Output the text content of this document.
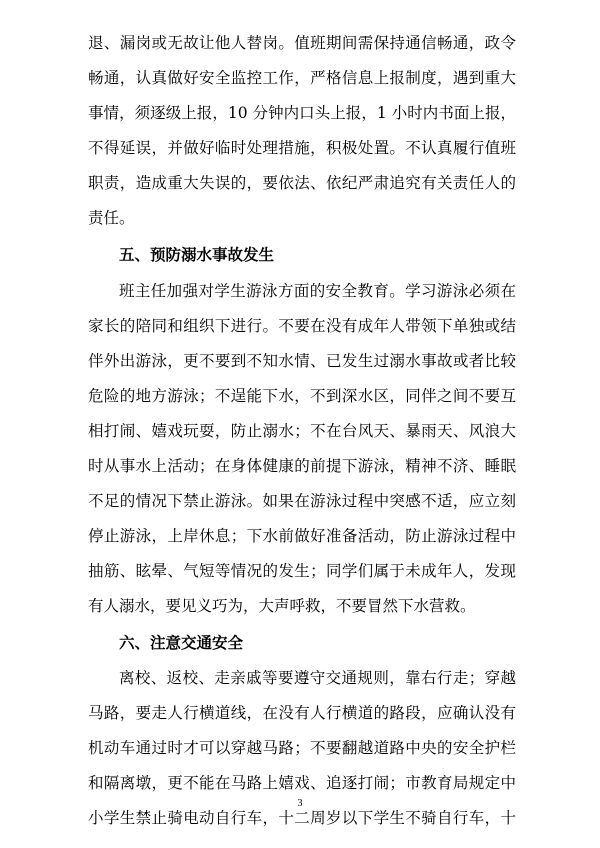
退、漏岗或无故让他人替岗。值班期间需保持通信畅通，政令
畅通，认真做好安全监控工作，严格信息上报制度，遇到重大
事情，须逐级上报，10 分钟内口头上报，1 小时内书面上报，
不得延误，并做好临时处理措施，积极处置。不认真履行值班
职责，造成重大失误的，要依法、依纪严肃追究有关责任人的
责任。
五、预防溺水事故发生
班主任加强对学生游泳方面的安全教育。学习游泳必须在
家长的陪同和组织下进行。不要在没有成年人带领下单独或结
伴外出游泳，更不要到不知水情、已发生过溺水事故或者比较
危险的地方游泳；不逞能下水，不到深水区，同伴之间不要互
相打闹、嬉戏玩耍，防止溺水；不在台风天、暴雨天、风浪大
时从事水上活动；在身体健康的前提下游泳，精神不济、睡眠
不足的情况下禁止游泳。如果在游泳过程中突感不适，应立刻
停止游泳，上岸休息；下水前做好准备活动，防止游泳过程中
抽筋、眩晕、气短等情况的发生；同学们属于未成年人，发现
有人溺水，要见义巧为，大声呼救，不要冒然下水营救。
六、注意交通安全
离校、返校、走亲戚等要遵守交通规则，靠右行走；穿越
马路，要走人行横道线，在没有人行横道的路段，应确认没有
机动车通过时才可以穿越马路；不要翻越道路中央的安全护栏
和隔离墩，更不能在马路上嬉戏、追逐打闹；市教育局规定中
小学生禁止骑电动自行车，十二周岁以下学生不骑自行车，十
3
